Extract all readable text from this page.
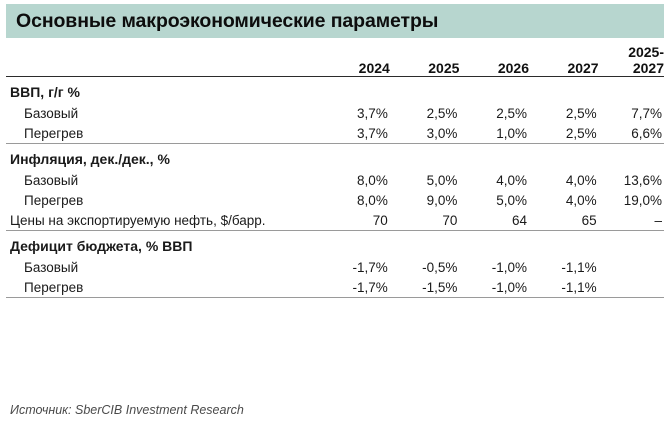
Основные макроэкономические параметры
	2024	2025	2026	2027	2025-2027

ВВП, г/г %					
Базовый	3,7%	2,5%	2,5%	2,5%	7,7%
Перегрев	3,7%	3,0%	1,0%	2,5%	6,6%

Инфляция, дек./дек., %					
Базовый	8,0%	5,0%	4,0%	4,0%	13,6%
Перегрев	8,0%	9,0%	5,0%	4,0%	19,0%
Цены на экспортируемую нефть, $/барр.	70	70	64	65	–

Дефицит бюджета, % ВВП					
Базовый	-1,7%	-0,5%	-1,0%	-1,1%	
Перегрев	-1,7%	-1,5%	-1,0%	-1,1%	

Источник: SberCIB Investment Research
